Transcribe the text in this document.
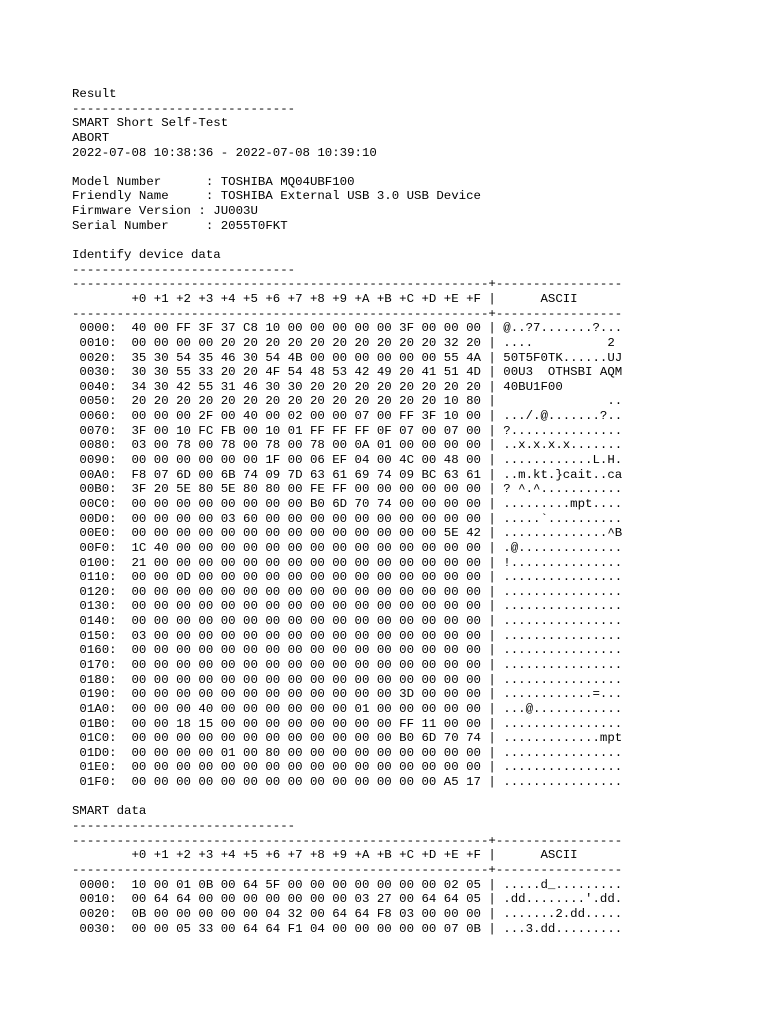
Result
------------------------------
SMART Short Self-Test
ABORT
2022-07-08 10:38:36 - 2022-07-08 10:39:10
Model Number      : TOSHIBA MQ04UBF100
Friendly Name     : TOSHIBA External USB 3.0 USB Device
Firmware Version : JU003U
Serial Number     : 2055T0FKT
Identify device data
------------------------------
--------------------------------------------------------+-----------------
+0 +1 +2 +3 +4 +5 +6 +7 +8 +9 +A +B +C +D +E +F |      ASCII
--------------------------------------------------------+-----------------
0000:  40 00 FF 3F 37 C8 10 00 00 00 00 00 3F 00 00 00 | @..?7.......?...
0010:  00 00 00 00 20 20 20 20 20 20 20 20 20 20 32 20 | ....          2
0020:  35 30 54 35 46 30 54 4B 00 00 00 00 00 00 55 4A | 50T5F0TK......UJ
0030:  30 30 55 33 20 20 4F 54 48 53 42 49 20 41 51 4D | 00U3  OTHSBI AQM
0040:  34 30 42 55 31 46 30 30 20 20 20 20 20 20 20 20 | 40BU1F00
0050:  20 20 20 20 20 20 20 20 20 20 20 20 20 20 10 80 |               ..
0060:  00 00 00 2F 00 40 00 02 00 00 07 00 FF 3F 10 00 | .../.@.......?..
0070:  3F 00 10 FC FB 00 10 01 FF FF FF 0F 07 00 07 00 | ?...............
0080:  03 00 78 00 78 00 78 00 78 00 0A 01 00 00 00 00 | ..x.x.x.x.......
0090:  00 00 00 00 00 00 1F 00 06 EF 04 00 4C 00 48 00 | ............L.H.
00A0:  F8 07 6D 00 6B 74 09 7D 63 61 69 74 09 BC 63 61 | ..m.kt.}cait..ca
00B0:  3F 20 5E 80 5E 80 80 00 FE FF 00 00 00 00 00 00 | ? ^.^...........
00C0:  00 00 00 00 00 00 00 00 B0 6D 70 74 00 00 00 00 | .........mpt....
00D0:  00 00 00 00 03 60 00 00 00 00 00 00 00 00 00 00 | .....`..........
00E0:  00 00 00 00 00 00 00 00 00 00 00 00 00 00 5E 42 | ..............^B
00F0:  1C 40 00 00 00 00 00 00 00 00 00 00 00 00 00 00 | .@..............
0100:  21 00 00 00 00 00 00 00 00 00 00 00 00 00 00 00 | !...............
0110:  00 00 0D 00 00 00 00 00 00 00 00 00 00 00 00 00 | ................
0120:  00 00 00 00 00 00 00 00 00 00 00 00 00 00 00 00 | ................
0130:  00 00 00 00 00 00 00 00 00 00 00 00 00 00 00 00 | ................
0140:  00 00 00 00 00 00 00 00 00 00 00 00 00 00 00 00 | ................
0150:  03 00 00 00 00 00 00 00 00 00 00 00 00 00 00 00 | ................
0160:  00 00 00 00 00 00 00 00 00 00 00 00 00 00 00 00 | ................
0170:  00 00 00 00 00 00 00 00 00 00 00 00 00 00 00 00 | ................
0180:  00 00 00 00 00 00 00 00 00 00 00 00 00 00 00 00 | ................
0190:  00 00 00 00 00 00 00 00 00 00 00 00 3D 00 00 00 | ............=...
01A0:  00 00 00 40 00 00 00 00 00 00 01 00 00 00 00 00 | ...@............
01B0:  00 00 18 15 00 00 00 00 00 00 00 00 FF 11 00 00 | ................
01C0:  00 00 00 00 00 00 00 00 00 00 00 00 B0 6D 70 74 | .............mpt
01D0:  00 00 00 00 01 00 80 00 00 00 00 00 00 00 00 00 | ................
01E0:  00 00 00 00 00 00 00 00 00 00 00 00 00 00 00 00 | ................
01F0:  00 00 00 00 00 00 00 00 00 00 00 00 00 00 A5 17 | ................
SMART data
------------------------------
--------------------------------------------------------+-----------------
+0 +1 +2 +3 +4 +5 +6 +7 +8 +9 +A +B +C +D +E +F |      ASCII
--------------------------------------------------------+-----------------
0000:  10 00 01 0B 00 64 5F 00 00 00 00 00 00 00 02 05 | .....d_.........
0010:  00 64 64 00 00 00 00 00 00 00 03 27 00 64 64 05 | .dd........'.dd.
0020:  0B 00 00 00 00 00 04 32 00 64 64 F8 03 00 00 00 | .......2.dd.....
0030:  00 00 05 33 00 64 64 F1 04 00 00 00 00 00 07 0B | ...3.dd.........
